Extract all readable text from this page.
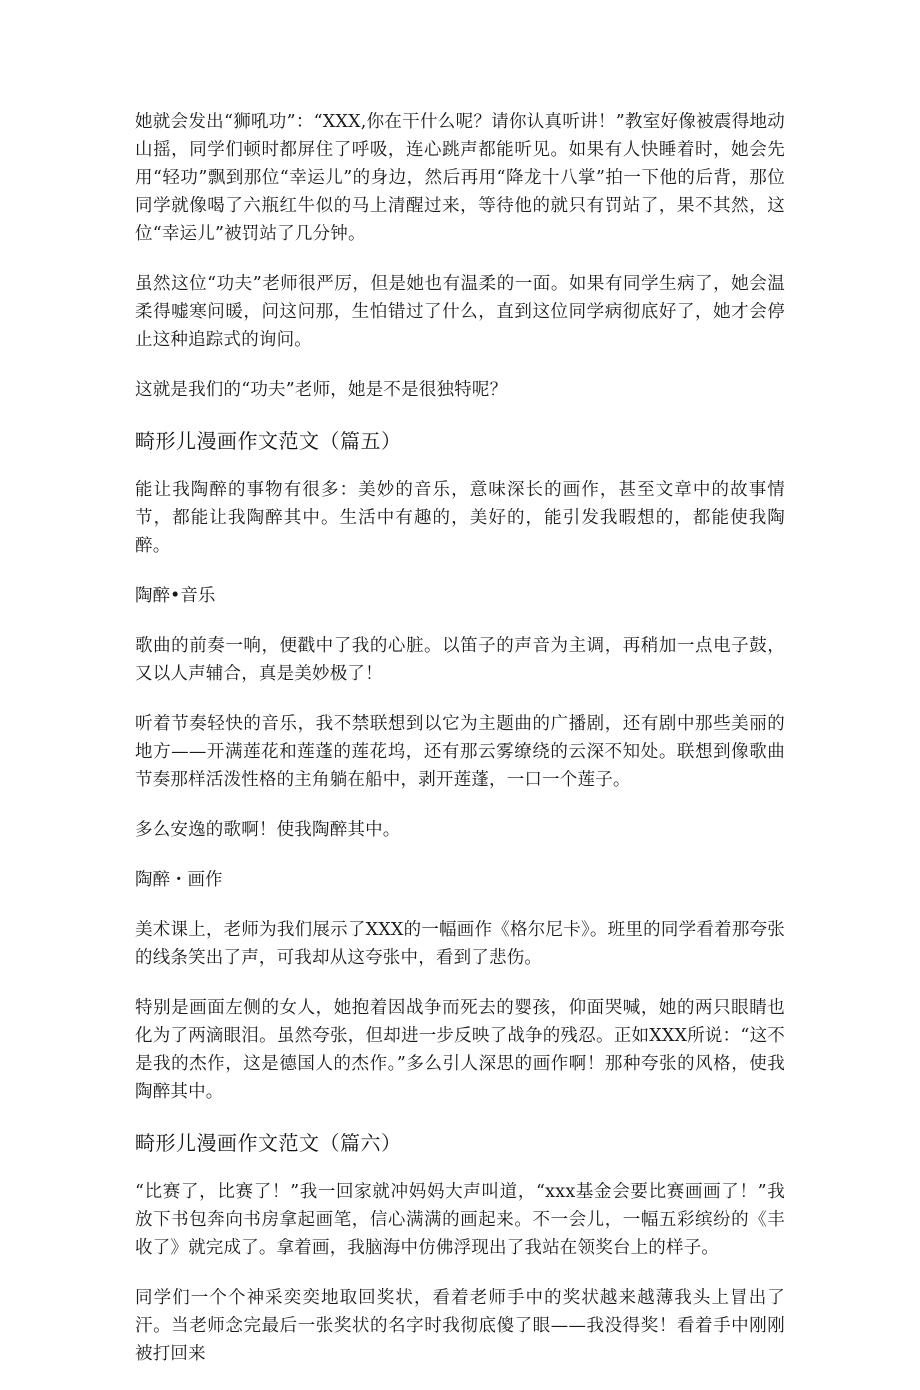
她就会发出“狮吼功”：“XXX,你在干什么呢？请你认真听讲！”教室好像被震得地动山摇，同学们顿时都屏住了呼吸，连心跳声都能听见。如果有人快睡着时，她会先用“轻功”飘到那位“幸运儿”的身边，然后再用“降龙十八掌”拍一下他的后背，那位同学就像喝了六瓶红牛似的马上清醒过来，等待他的就只有罚站了，果不其然，这位“幸运儿”被罚站了几分钟。

虽然这位“功夫”老师很严厉，但是她也有温柔的一面。如果有同学生病了，她会温柔得嘘寒问暖，问这问那，生怕错过了什么，直到这位同学病彻底好了，她才会停止这种追踪式的询问。

这就是我们的“功夫”老师，她是不是很独特呢？

畸形儿漫画作文范文（篇五）

能让我陶醉的事物有很多：美妙的音乐，意味深长的画作，甚至文章中的故事情节，都能让我陶醉其中。生活中有趣的，美好的，能引发我暇想的，都能使我陶醉。

陶醉•音乐

歌曲的前奏一响，便戳中了我的心脏。以笛子的声音为主调，再稍加一点电子鼓，又以人声辅合，真是美妙极了！

听着节奏轻快的音乐，我不禁联想到以它为主题曲的广播剧，还有剧中那些美丽的地方——开满莲花和莲蓬的莲花坞，还有那云雾缭绕的云深不知处。联想到像歌曲节奏那样活泼性格的主角躺在船中，剥开莲蓬，一口一个莲子。

多么安逸的歌啊！使我陶醉其中。

陶醉・画作

美术课上，老师为我们展示了XXX的一幅画作《格尔尼卡》。班里的同学看着那夸张的线条笑出了声，可我却从这夸张中，看到了悲伤。

特别是画面左侧的女人，她抱着因战争而死去的婴孩，仰面哭喊，她的两只眼睛也化为了两滴眼泪。虽然夸张，但却进一步反映了战争的残忍。正如XXX所说：“这不是我的杰作，这是德国人的杰作。”多么引人深思的画作啊！那种夸张的风格，使我陶醉其中。

畸形儿漫画作文范文（篇六）

“比赛了，比赛了！”我一回家就冲妈妈大声叫道，“xxx基金会要比赛画画了！”我放下书包奔向书房拿起画笔，信心满满的画起来。不一会儿，一幅五彩缤纷的《丰收了》就完成了。拿着画，我脑海中仿佛浮现出了我站在领奖台上的样子。

同学们一个个神采奕奕地取回奖状，看着老师手中的奖状越来越薄我头上冒出了汗。当老师念完最后一张奖状的名字时我彻底傻了眼——我没得奖！看着手中刚刚被打回来
